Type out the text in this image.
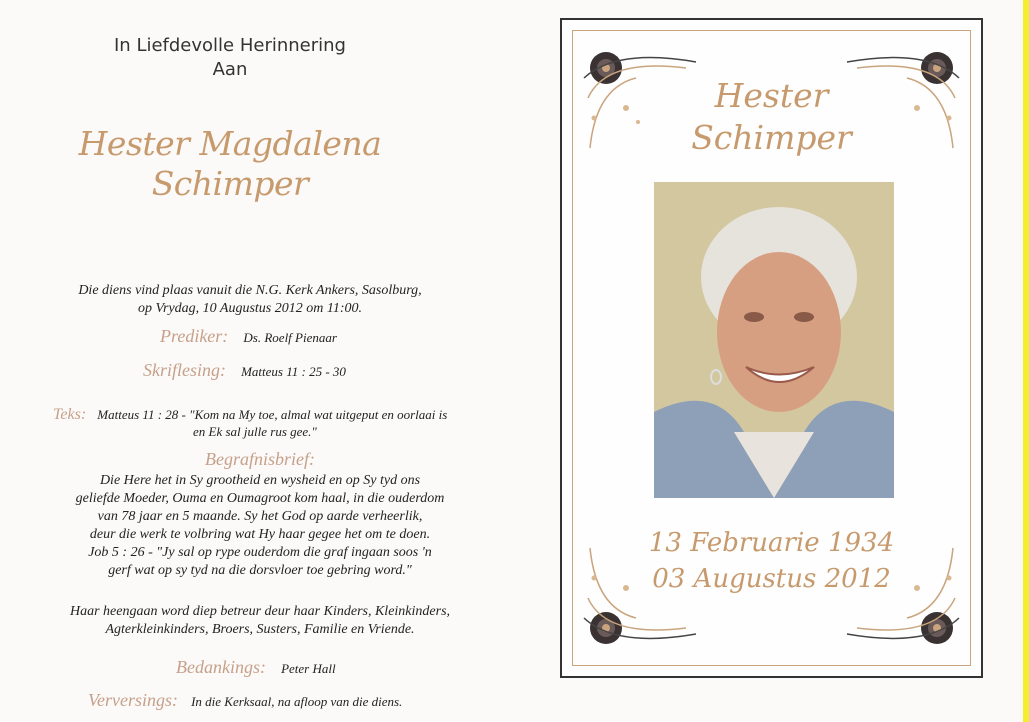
In Liefdevolle Herinnering
Aan
Hester Magdalena
Schimper
Die diens vind plaas vanuit die N.G. Kerk Ankers, Sasolburg,
op Vrydag, 10 Augustus 2012 om 11:00.
Prediker: Ds. Roelf Pienaar
Skriflesing: Matteus 11 : 25 - 30
Teks: Matteus 11 : 28 - "Kom na My toe, almal wat uitgeput en oorlaai is
en Ek sal julle rus gee."
Begrafnisbrief:
Die Here het in Sy grootheid en wysheid en op Sy tyd ons
geliefde Moeder, Ouma en Oumagroot kom haal, in die ouderdom
van 78 jaar en 5 maande. Sy het God op aarde verheerlik,
deur die werk te volbring wat Hy haar gegee het om te doen.
Job 5 : 26 - "Jy sal op rype ouderdom die graf ingaan soos 'n
gerf wat op sy tyd na die dorsvloer toe gebring word."
Haar heengaan word diep betreur deur haar Kinders, Kleinkinders,
Agterkleinkinders, Broers, Susters, Familie en Vriende.
Bedankings: Peter Hall
Verversings: In die Kerksaal, na afloop van die diens.
Hester
Schimper
13 Februarie 1934
03 Augustus 2012
